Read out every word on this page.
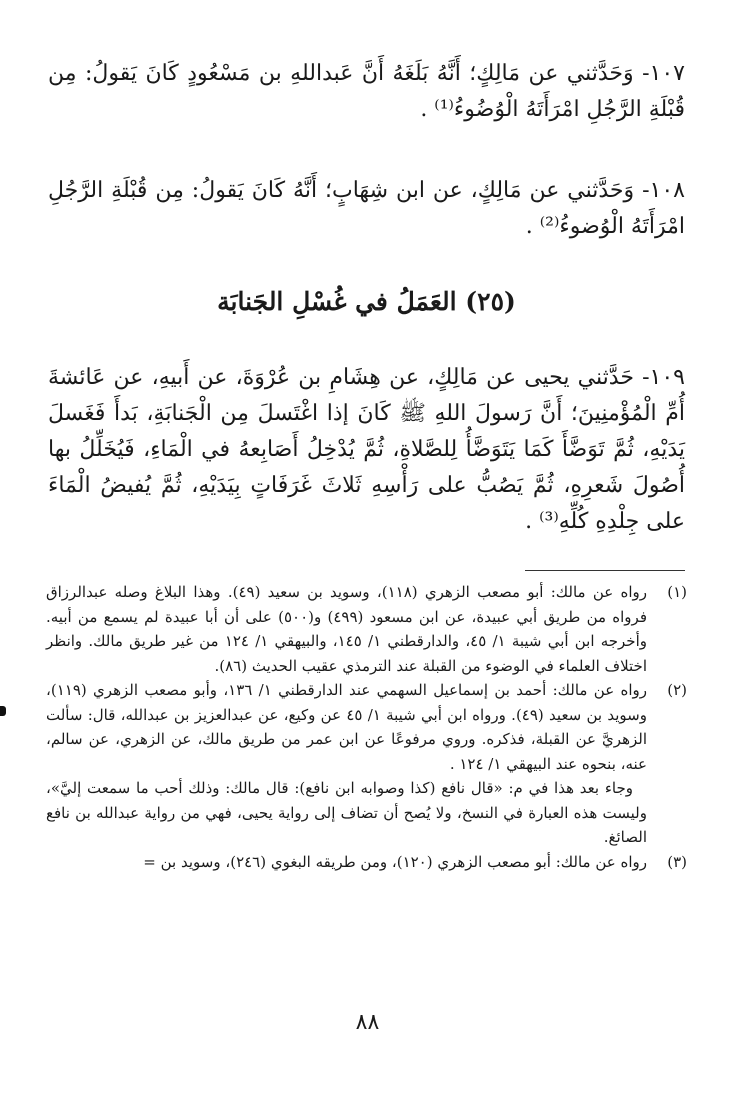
١٠٧- وَحَدَّثني عن مَالِكٍ؛ أَنَّهُ بَلَغَهُ أَنَّ عَبداللهِ بن مَسْعُودٍ كَانَ يَقولُ: مِن قُبْلَةِ الرَّجُلِ امْرَأَتَهُ الْوُضُوءُ⁽¹⁾ .

١٠٨- وَحَدَّثني عن مَالِكٍ، عن ابن شِهَابٍ؛ أَنَّهُ كَانَ يَقولُ: مِن قُبْلَةِ الرَّجُلِ امْرَأَتَهُ الْوُضوءُ⁽²⁾ .

(٢٥) العَمَلُ في غُسْلِ الجَنابَة

١٠٩- حَدَّثني يحيى عن مَالِكٍ، عن هِشَامِ بن عُرْوَةَ، عن أَبيهِ، عن عَائشةَ أُمِّ الْمُؤْمنِينَ؛ أَنَّ رَسولَ اللهِ ﷺ كَانَ إذا اغْتَسلَ مِن الْجَنابَةِ، بَدأَ فَغَسلَ يَدَيْهِ، ثُمَّ تَوَضَّأَ كَمَا يَتَوَضَّأُ لِلصَّلاةِ، ثُمَّ يُدْخِلُ أَصَابِعهُ في الْمَاءِ، فَيُخَلِّلُ بها أُصُولَ شَعرِهِ، ثُمَّ يَصُبُّ على رَأْسِهِ ثَلاثَ غَرَفَاتٍ بِيَدَيْهِ، ثُمَّ يُفيضُ الْمَاءَ على جِلْدِهِ كُلِّهِ⁽³⁾ .

(١)
رواه عن مالك: أبو مصعب الزهري (١١٨)، وسويد بن سعيد (٤٩). وهذا البلاغ وصله عبدالرزاق فرواه من طريق أبي عبيدة، عن ابن مسعود (٤٩٩) و(٥٠٠) على أن أبا عبيدة لم يسمع من أبيه. وأخرجه ابن أبي شيبة ١/ ٤٥، والدارقطني ١/ ١٤٥، والبيهقي ١/ ١٢٤ من غير طريق مالك. وانظر اختلاف العلماء في الوضوء من القبلة عند الترمذي عقيب الحديث (٨٦).
(٢)
رواه عن مالك: أحمد بن إسماعيل السهمي عند الدارقطني ١/ ١٣٦، وأبو مصعب الزهري (١١٩)، وسويد بن سعيد (٤٩). ورواه ابن أبي شيبة ١/ ٤٥ عن وكيع، عن عبدالعزيز بن عبدالله، قال: سألت الزهريَّ عن القبلة، فذكره. وروي مرفوعًا عن ابن عمر من طريق مالك، عن الزهري، عن سالم، عنه، بنحوه عند البيهقي ١/ ١٢٤ .

وجاء بعد هذا في م: «قال نافع (كذا وصوابه ابن نافع): قال مالك: وذلك أحب ما سمعت إليَّ»، وليست هذه العبارة في النسخ، ولا يُصح أن تضاف إلى رواية يحيى، فهي من رواية عبدالله بن نافع الصائغ.

(٣)
رواه عن مالك: أبو مصعب الزهري (١٢٠)، ومن طريقه البغوي (٢٤٦)، وسويد بن =
٨٨
